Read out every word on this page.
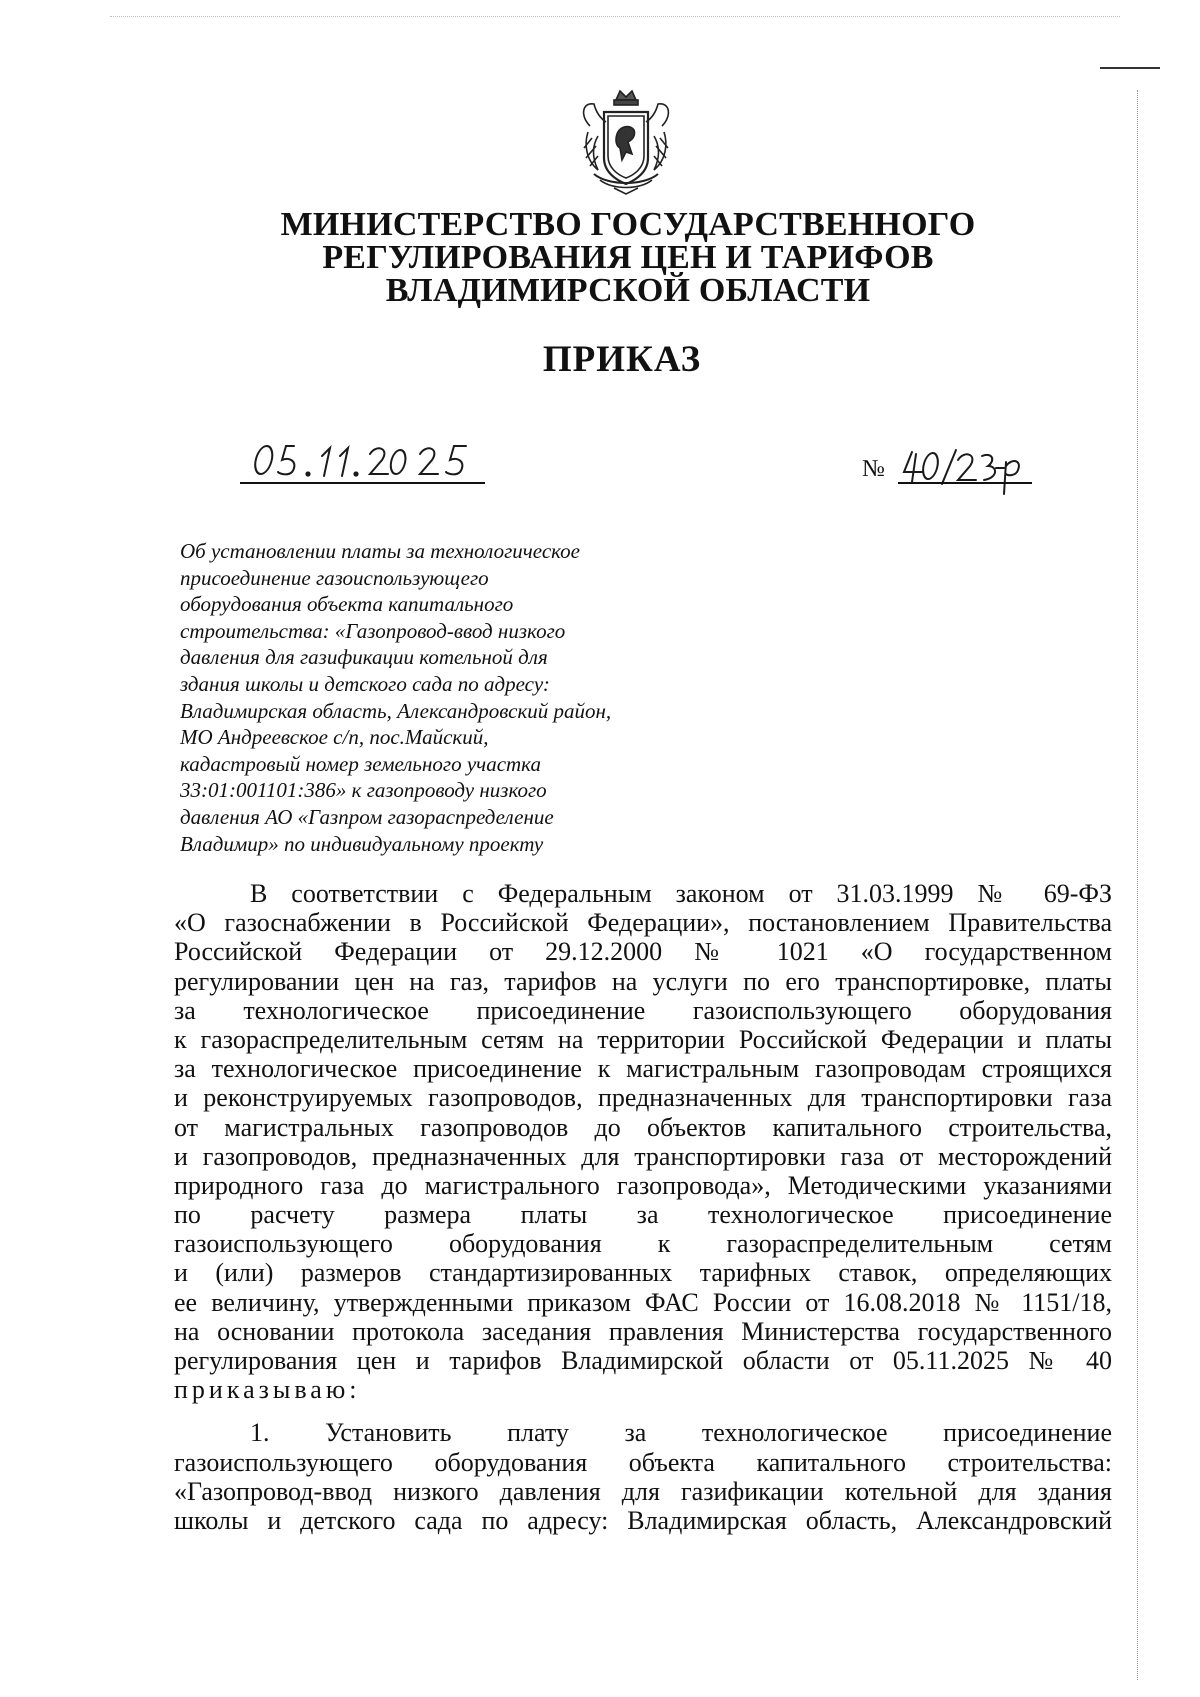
МИНИСТЕРСТВО ГОСУДАРСТВЕННОГО
РЕГУЛИРОВАНИЯ ЦЕН И ТАРИФОВ
ВЛАДИМИРСКОЙ ОБЛАСТИ
ПРИКАЗ
№
Об установлении платы за технологическое
присоединение газоиспользующего
оборудования объекта капитального
строительства: «Газопровод-ввод низкого
давления для газификации котельной для
здания школы и детского сада по адресу:
Владимирская область, Александровский район,
МО Андреевское с/п, пос.Майский,
кадастровый номер земельного участка
33:01:001101:386» к газопроводу низкого
давления АО «Газпром газораспределение
Владимир» по индивидуальному проекту
В соответствии с Федеральным законом от 31.03.1999 № 69-ФЗ
«О газоснабжении в Российской Федерации», постановлением Правительства
Российской Федерации от 29.12.2000 № 1021 «О государственном
регулировании цен на газ, тарифов на услуги по его транспортировке, платы
за технологическое присоединение газоиспользующего оборудования
к газораспределительным сетям на территории Российской Федерации и платы
за технологическое присоединение к магистральным газопроводам строящихся
и реконструируемых газопроводов, предназначенных для транспортировки газа
от магистральных газопроводов до объектов капитального строительства,
и газопроводов, предназначенных для транспортировки газа от месторождений
природного газа до магистрального газопровода», Методическими указаниями
по расчету размера платы за технологическое присоединение
газоиспользующего оборудования к газораспределительным сетям
и (или) размеров стандартизированных тарифных ставок, определяющих
ее величину, утвержденными приказом ФАС России от 16.08.2018 № 1151/18,
на основании протокола заседания правления Министерства государственного
регулирования цен и тарифов Владимирской области от 05.11.2025 № 40
приказываю:
1. Установить плату за технологическое присоединение
газоиспользующего оборудования объекта капитального строительства:
«Газопровод-ввод низкого давления для газификации котельной для здания
школы и детского сада по адресу: Владимирская область, Александровский
